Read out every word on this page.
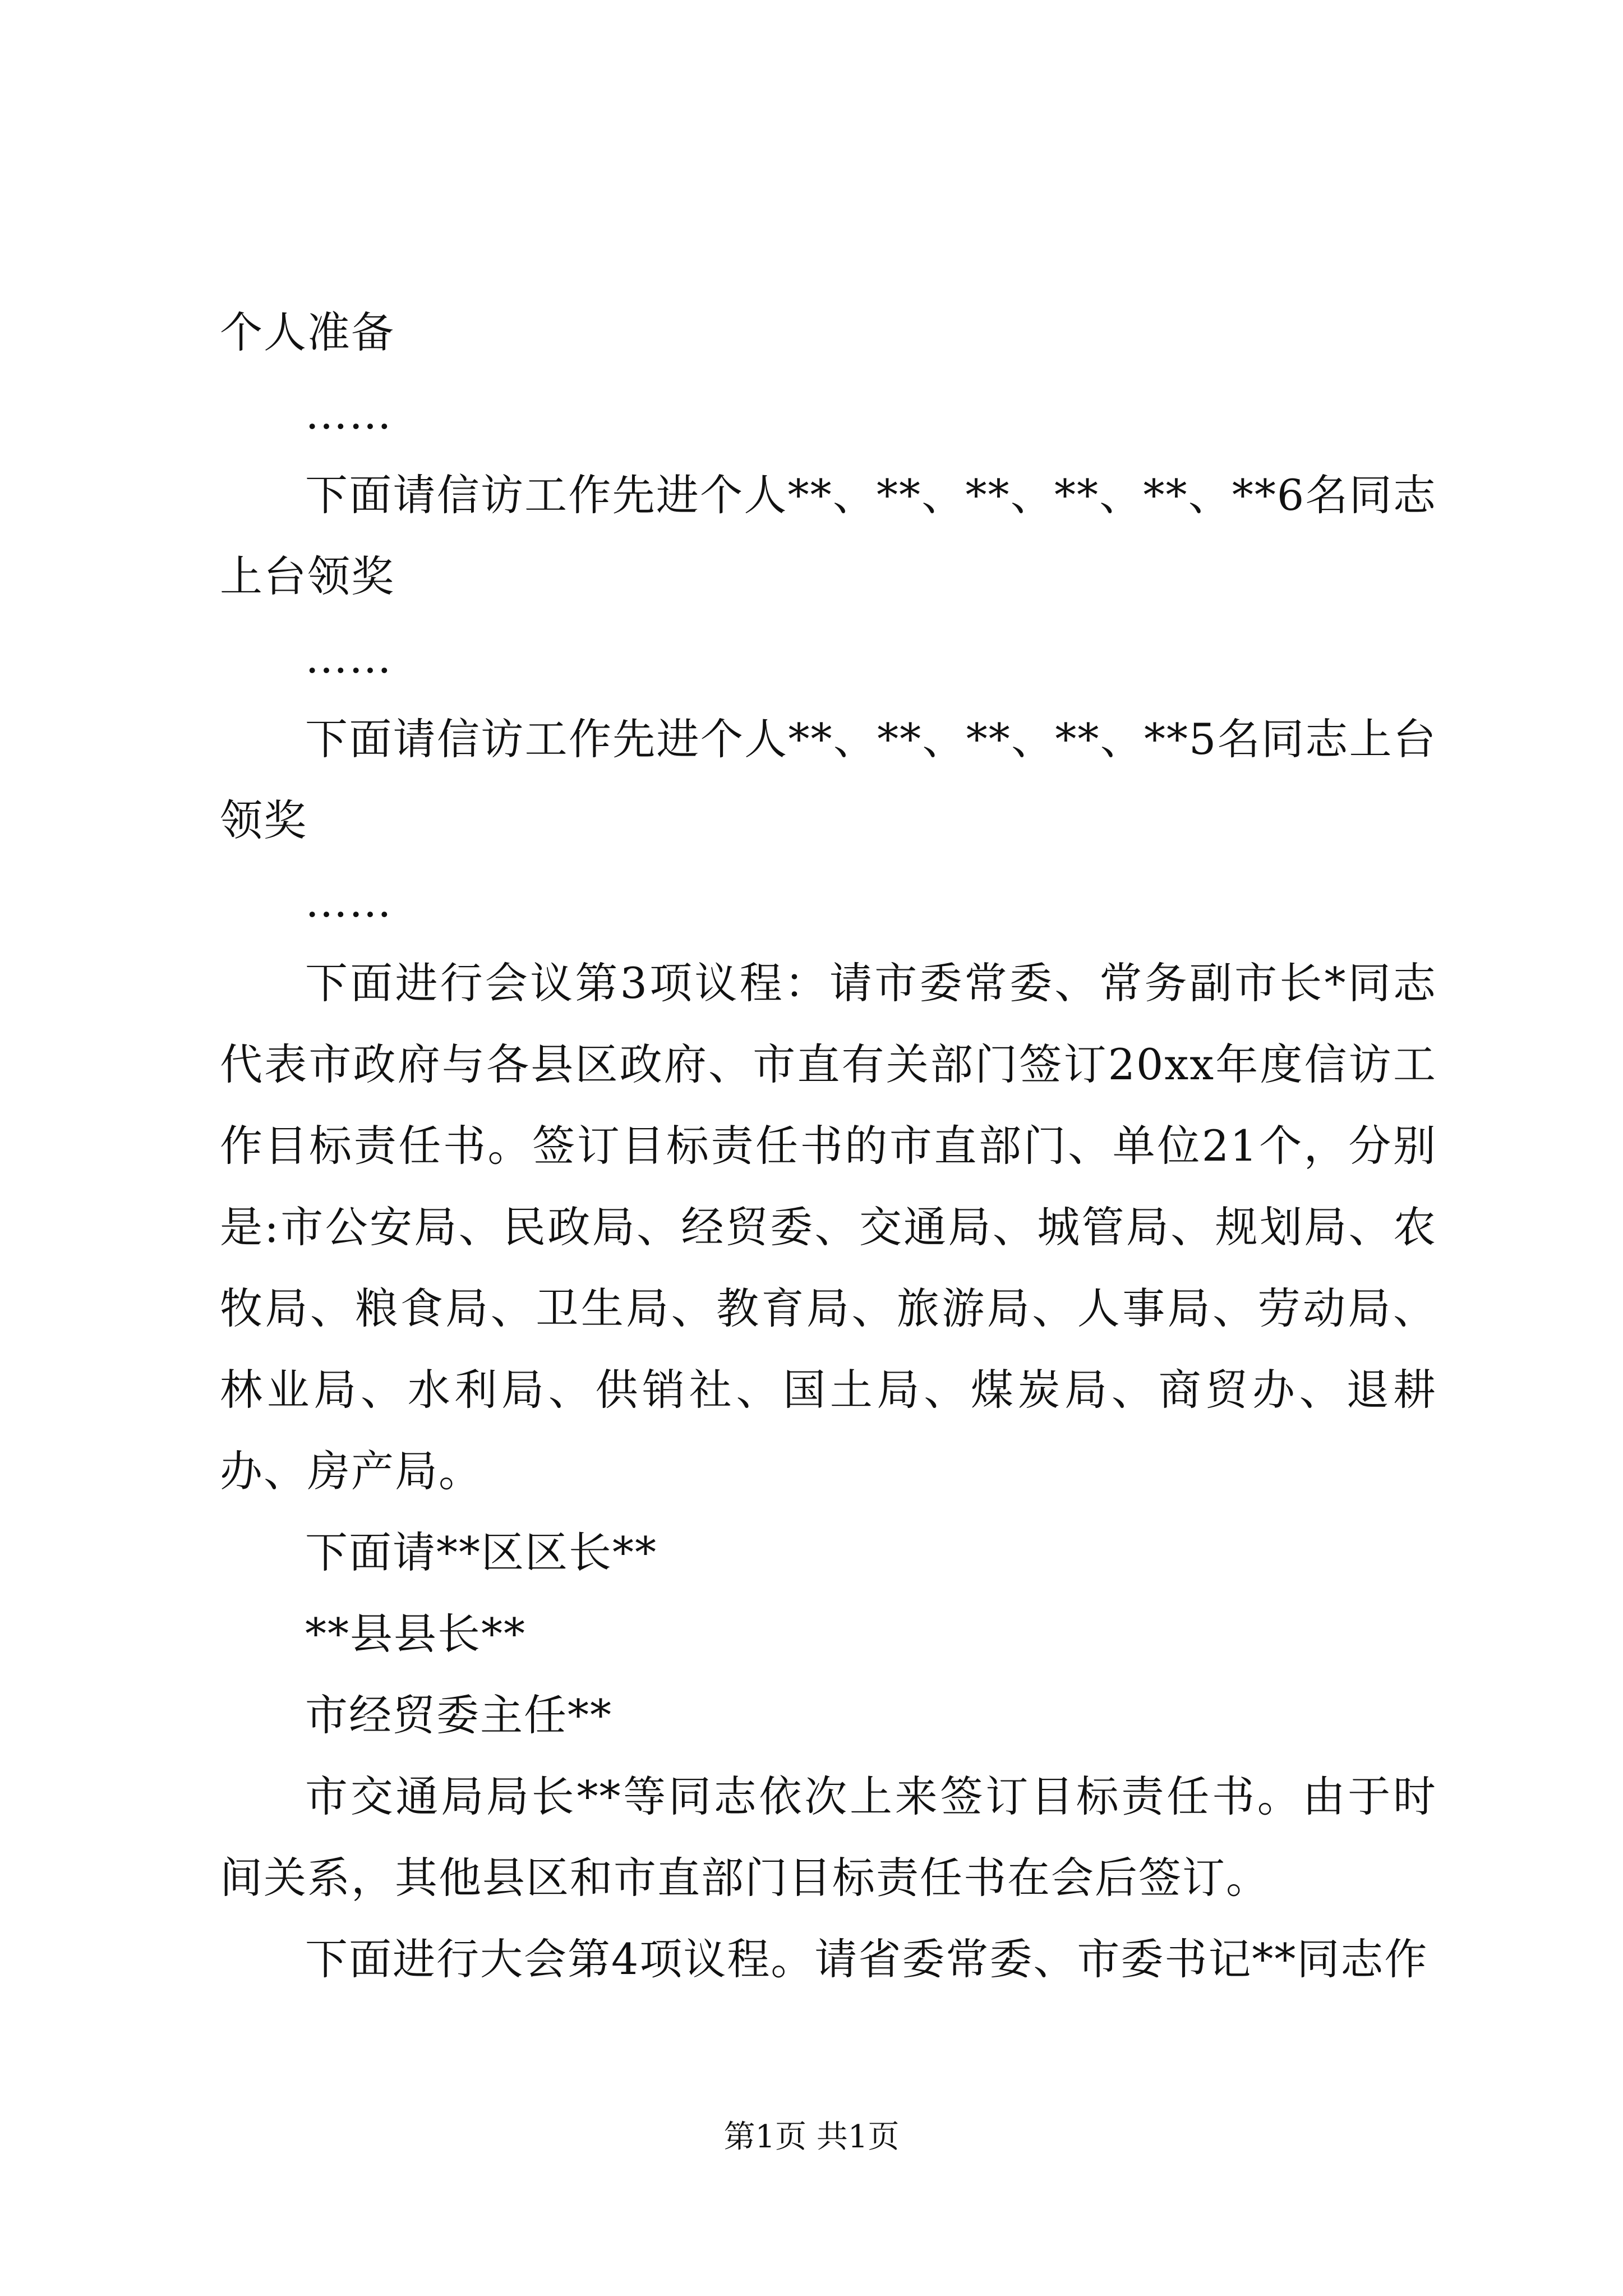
个人准备

……

下面请信访工作先进个人**、**、**、**、**、**6名同志上台领奖

……

下面请信访工作先进个人**、**、**、**、**5名同志上台领奖

……

下面进行会议第3项议程：请市委常委、常务副市长*同志代表市政府与各县区政府、市直有关部门签订20xx年度信访工作目标责任书。签订目标责任书的市直部门、单位21个，分别是:市公安局、民政局、经贸委、交通局、城管局、规划局、农牧局、粮食局、卫生局、教育局、旅游局、人事局、劳动局、林业局、水利局、供销社、国土局、煤炭局、商贸办、退耕办、房产局。

下面请**区区长**

**县县长**

市经贸委主任**

市交通局局长**等同志依次上来签订目标责任书。由于时间关系，其他县区和市直部门目标责任书在会后签订。

下面进行大会第4项议程。请省委常委、市委书记**同志作

第1页 共1页
